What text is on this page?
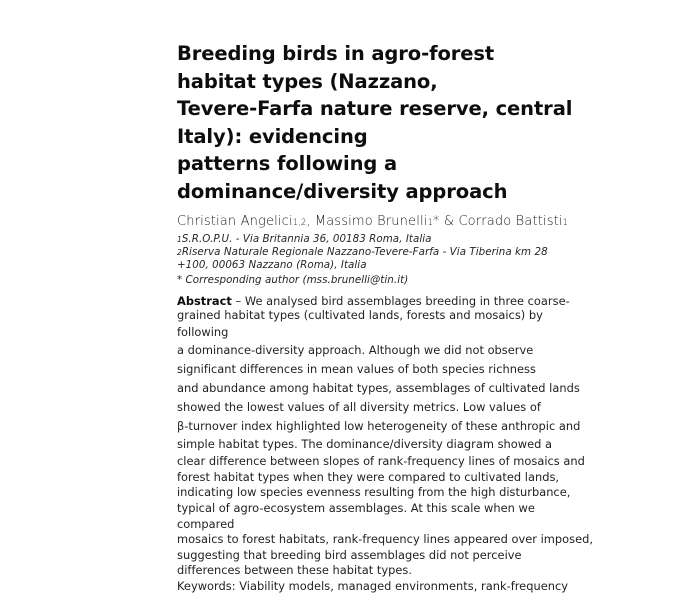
Breeding birds in agro-forest
habitat types (Nazzano,
Tevere-Farfa nature reserve, central
Italy): evidencing
patterns following a
dominance/diversity approach
Christian Angelici1,2, Massimo Brunelli1* & Corrado Battisti1
1S.R.O.P.U. - Via Britannia 36, 00183 Roma, Italia
2Riserva Naturale Regionale Nazzano-Tevere-Farfa - Via Tiberina km 28
+100, 00063 Nazzano (Roma), Italia
* Corresponding author (mss.brunelli@tin.it)
Abstract – We analysed bird assemblages breeding in three coarse-
grained habitat types (cultivated lands, forests and mosaics) by
following
a dominance-diversity approach. Although we did not observe
significant differences in mean values of both species richness
and abundance among habitat types, assemblages of cultivated lands
showed the lowest values of all diversity metrics. Low values of
β-turnover index highlighted low heterogeneity of these anthropic and
simple habitat types. The dominance/diversity diagram showed a
clear difference between slopes of rank-frequency lines of mosaics and
forest habitat types when they were compared to cultivated lands,
indicating low species evenness resulting from the high disturbance,
typical of agro-ecosystem assemblages. At this scale when we
compared
mosaics to forest habitats, rank-frequency lines appeared over imposed,
suggesting that breeding bird assemblages did not perceive
differences between these habitat types.
Keywords: Viability models, managed environments, rank-frequency
